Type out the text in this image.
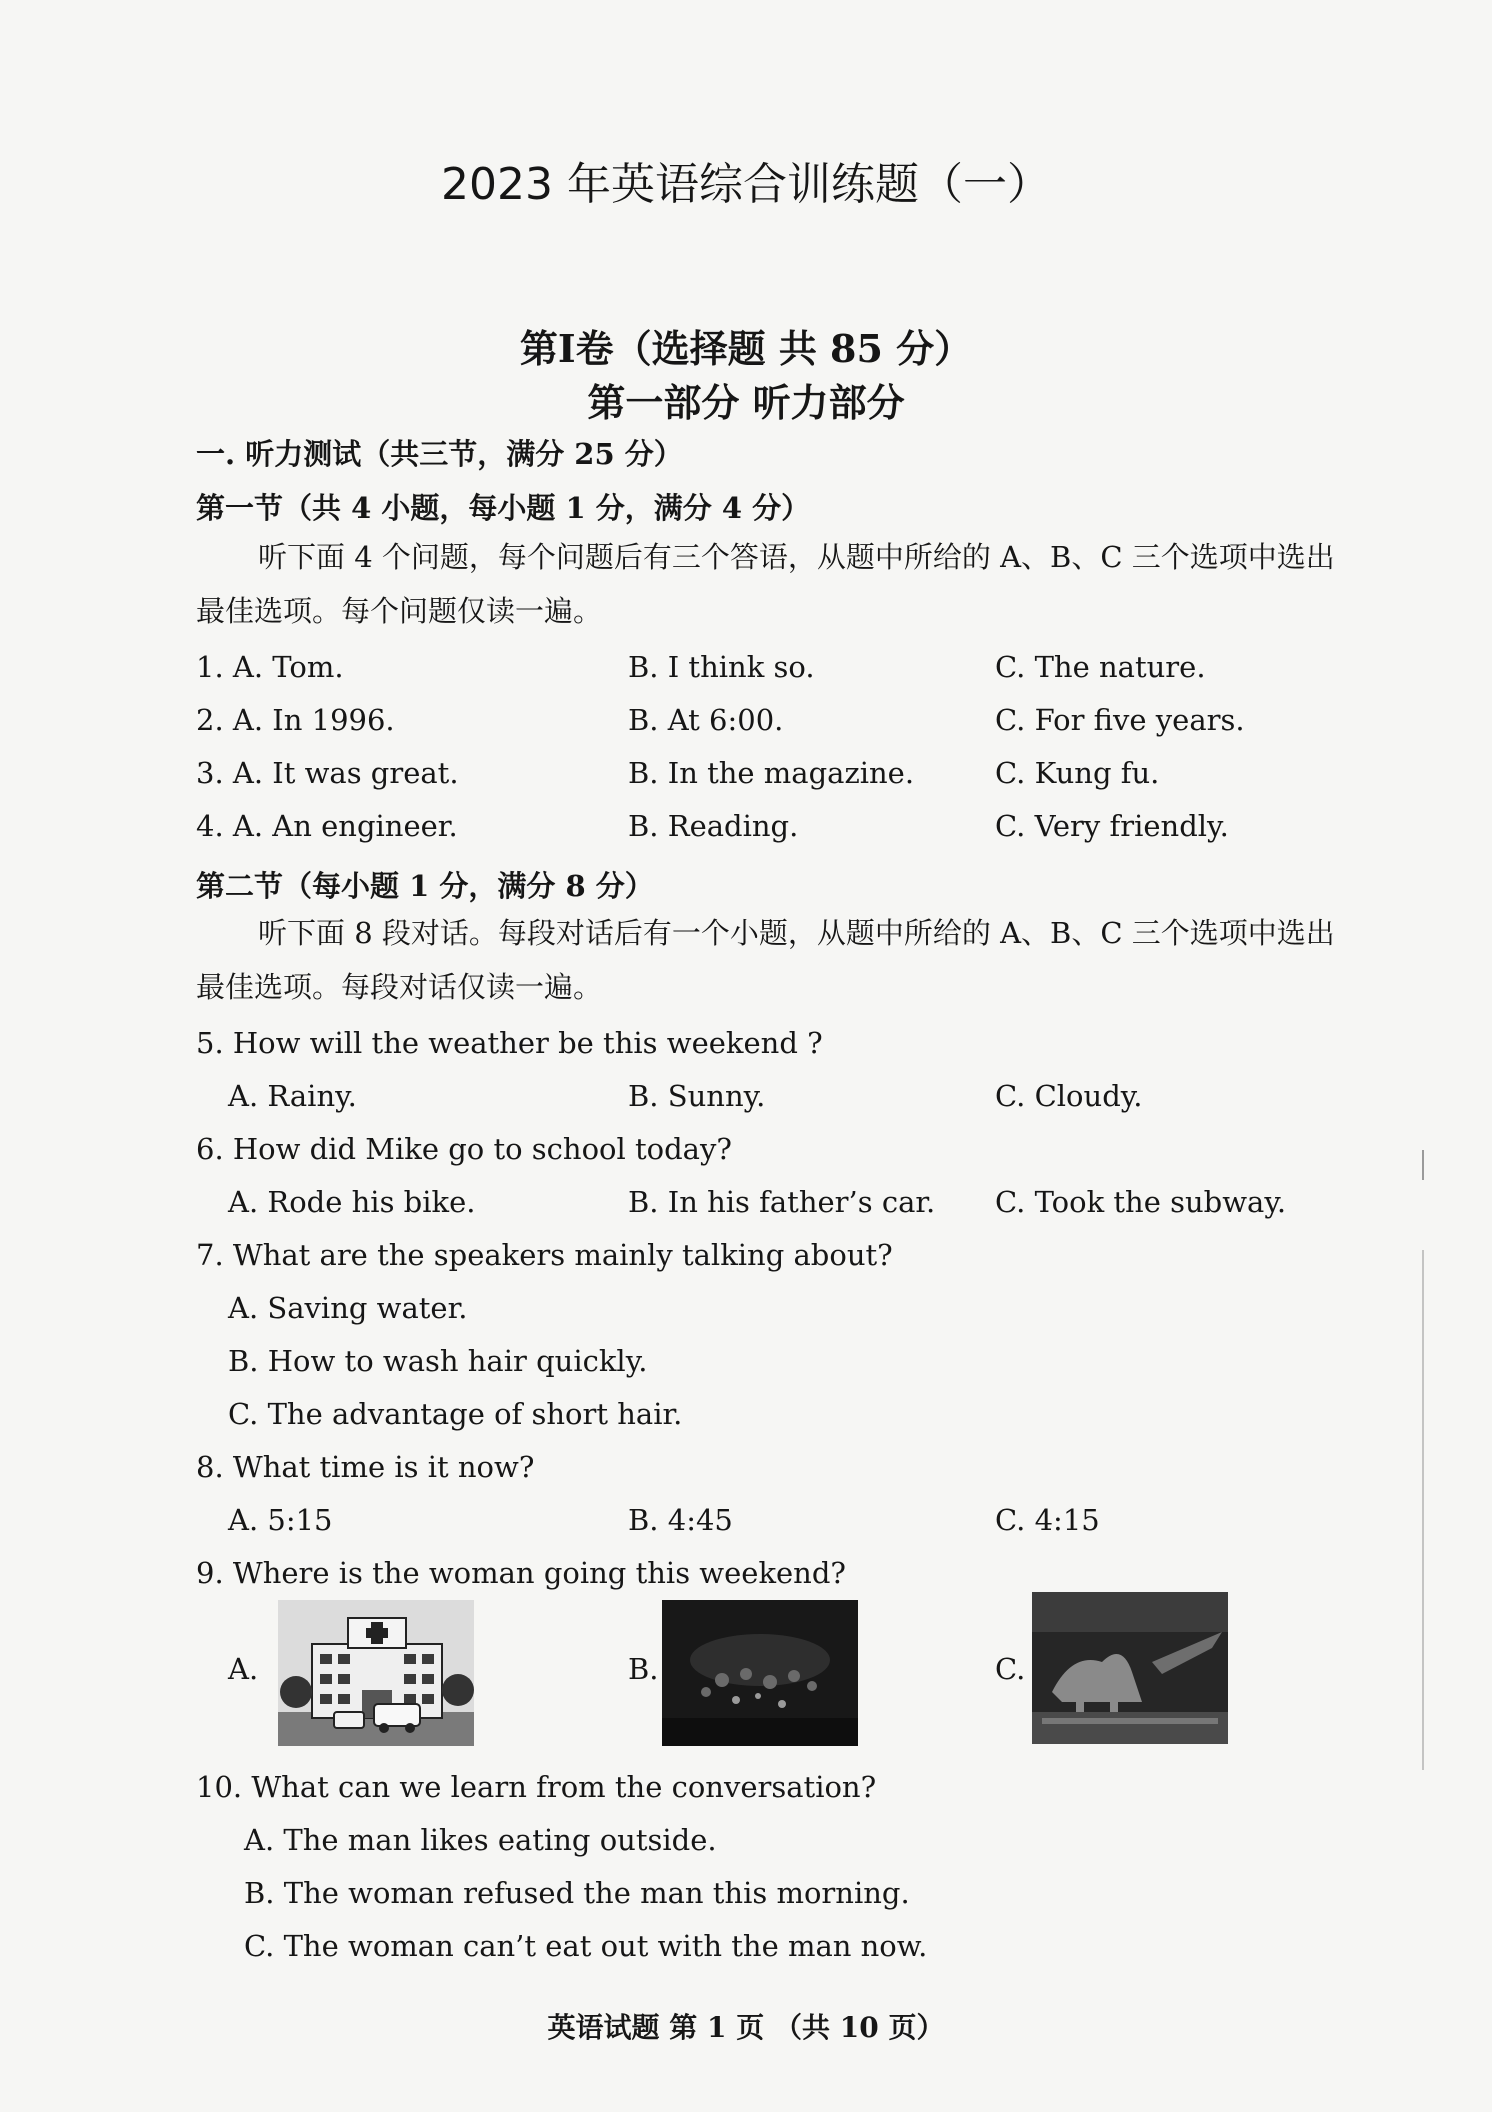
2023 年英语综合训练题（一）
第Ⅰ卷（选择题 共 85 分）
第一部分 听力部分
一. 听力测试（共三节，满分 25 分）
第一节（共 4 小题，每小题 1 分，满分 4 分）
听下面 4 个问题，每个问题后有三个答语，从题中所给的 A、B、C 三个选项中选出
最佳选项。每个问题仅读一遍。
1. A. Tom.	B. I think so.	C. The nature.
2. A. In 1996.	B. At 6:00.	C. For five years.
3. A. It was great.	B. In the magazine.	C. Kung fu.
4. A. An engineer.	B. Reading.	C. Very friendly.
第二节（每小题 1 分，满分 8 分）
听下面 8 段对话。每段对话后有一个小题，从题中所给的 A、B、C 三个选项中选出
最佳选项。每段对话仅读一遍。
5. How will the weather be this weekend ?
A. Rainy.	B. Sunny.	C. Cloudy.
6. How did Mike go to school today?
A. Rode his bike.	B. In his father’s car. C. Took the subway.
7. What are the speakers mainly talking about?
A. Saving water.
B. How to wash hair quickly.
C. The advantage of short hair.
8. What time is it now?
A. 5:15	B. 4:45	C. 4:15
9. Where is the woman going this weekend?
A.	B.	C.
10. What can we learn from the conversation?
A. The man likes eating outside.
B. The woman refused the man this morning.
C. The woman can’t eat out with the man now.
英语试题 第 1 页 （共 10 页）
